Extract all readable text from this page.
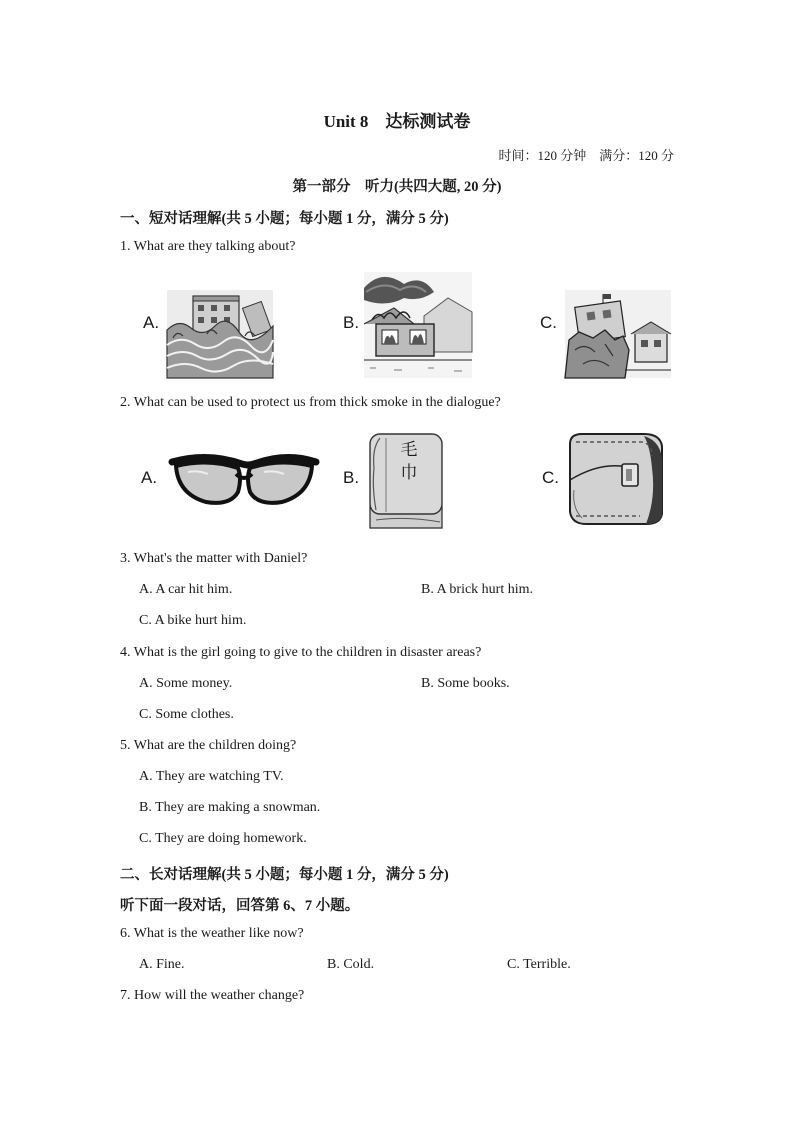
Unit 8　达标测试卷
时间：120 分钟　满分：120 分
第一部分　听力(共四大题, 20 分)
一、短对话理解(共 5 小题；每小题 1 分，满分 5 分)
1. What are they talking about?
A.	B.	C.
2. What can be used to protect us from thick smoke in the dialogue?
A.	B.	C.
毛
巾
3. What's the matter with Daniel?
A. A car hit him.	B. A brick hurt him.
C. A bike hurt him.
4. What is the girl going to give to the children in disaster areas?
A. Some money.	B. Some books.
C. Some clothes.
5. What are the children doing?
A. They are watching TV.
B. They are making a snowman.
C. They are doing homework.
二、长对话理解(共 5 小题；每小题 1 分，满分 5 分)
听下面一段对话，回答第 6、7 小题。
6. What is the weather like now?
A. Fine.	B. Cold.	C. Terrible.
7. How will the weather change?
